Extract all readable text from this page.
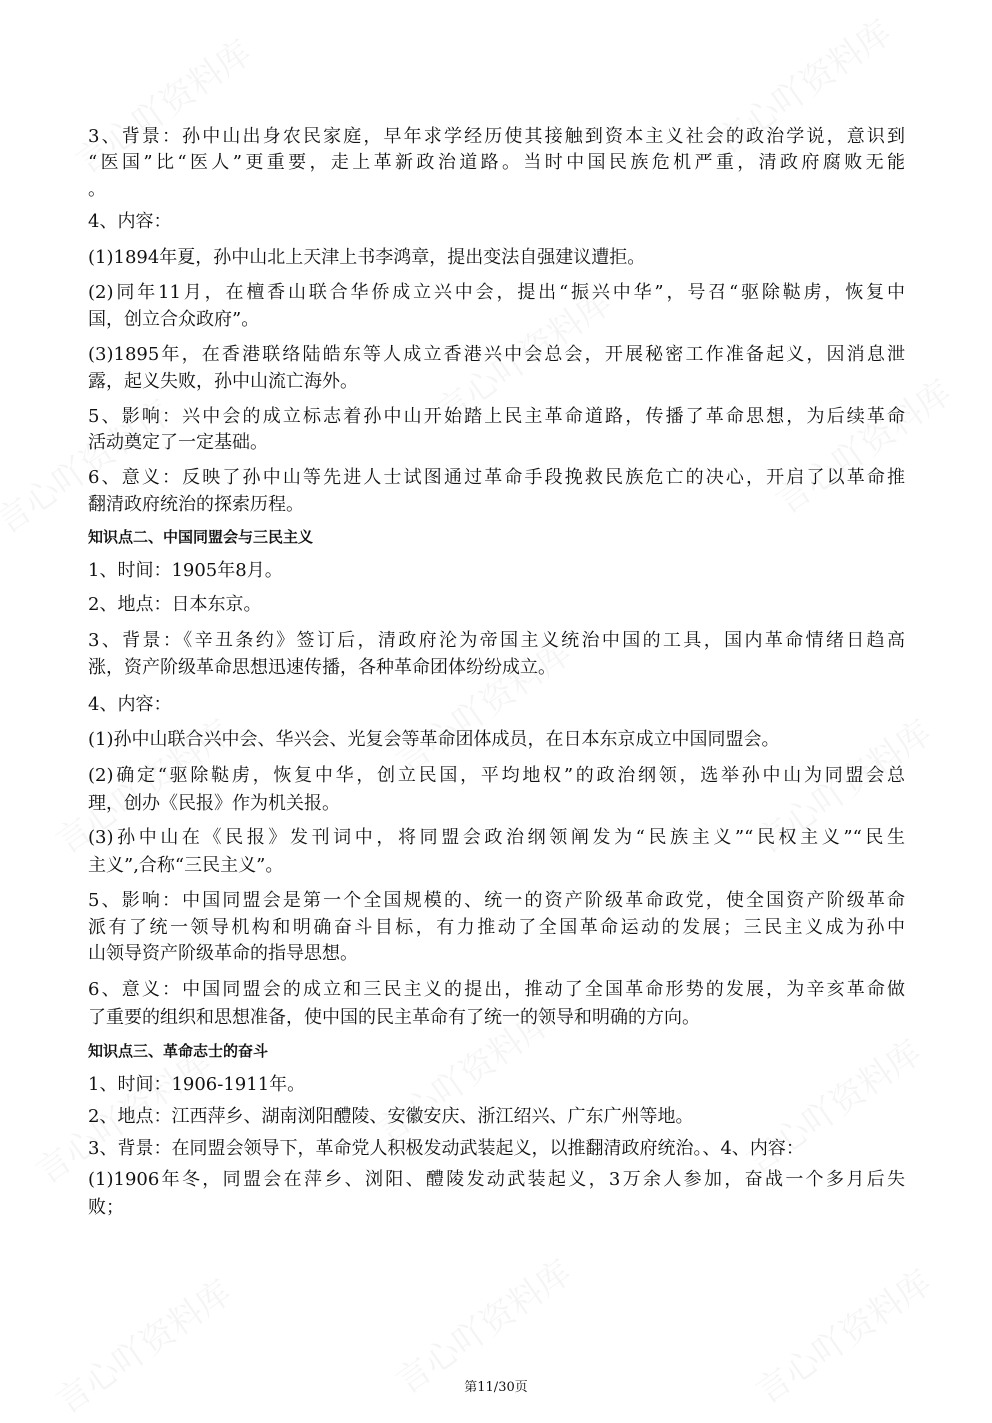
3、背景：孙中山出身农民家庭，早年求学经历使其接触到资本主义社会的政治学说，意识到
“医国”比“医人”更重要，走上革新政治道路。当时中国民族危机严重，清政府腐败无能
。
4、内容：
(1)1894年夏，孙中山北上天津上书李鸿章，提出变法自强建议遭拒。
(2)同年11月，在檀香山联合华侨成立兴中会，提出“振兴中华”，号召“驱除鞑虏，恢复中
国，创立合众政府”。
(3)1895年，在香港联络陆皓东等人成立香港兴中会总会，开展秘密工作准备起义，因消息泄
露，起义失败，孙中山流亡海外。
5、影响：兴中会的成立标志着孙中山开始踏上民主革命道路，传播了革命思想，为后续革命
活动奠定了一定基础。
6、意义：反映了孙中山等先进人士试图通过革命手段挽救民族危亡的决心，开启了以革命推
翻清政府统治的探索历程。
知识点二、中国同盟会与三民主义
1、时间：1905年8月。
2、地点：日本东京。
3、背景：《辛丑条约》签订后，清政府沦为帝国主义统治中国的工具，国内革命情绪日趋高
涨，资产阶级革命思想迅速传播，各种革命团体纷纷成立。
4、内容：
(1)孙中山联合兴中会、华兴会、光复会等革命团体成员，在日本东京成立中国同盟会。
(2)确定“驱除鞑虏，恢复中华，创立民国，平均地权”的政治纲领，选举孙中山为同盟会总
理，创办《民报》作为机关报。
(3)孙中山在《民报》发刊词中，将同盟会政治纲领阐发为“民族主义”“民权主义”“民生
主义”,合称“三民主义”。
5、影响：中国同盟会是第一个全国规模的、统一的资产阶级革命政党，使全国资产阶级革命
派有了统一领导机构和明确奋斗目标，有力推动了全国革命运动的发展；三民主义成为孙中
山领导资产阶级革命的指导思想。
6、意义：中国同盟会的成立和三民主义的提出，推动了全国革命形势的发展，为辛亥革命做
了重要的组织和思想准备，使中国的民主革命有了统一的领导和明确的方向。
知识点三、革命志士的奋斗
1、时间：1906-1911年。
2、地点：江西萍乡、湖南浏阳醴陵、安徽安庆、浙江绍兴、广东广州等地。
3、背景：在同盟会领导下，革命党人积极发动武装起义，以推翻清政府统治。、4、内容：
(1)1906年冬，同盟会在萍乡、浏阳、醴陵发动武装起义，3万余人参加，奋战一个多月后失
败；
第11/30页
